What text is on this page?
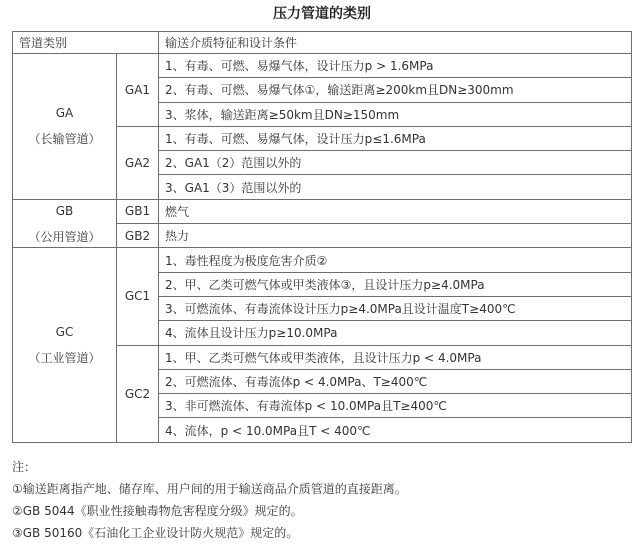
压力管道的类别
管道类别		输送介质特征和设计条件

GA
（长输管道）	GA1	1、有毒、可燃、易爆气体，设计压力p > 1.6MPa
		2、有毒、可燃、易爆气体①，输送距离≥200km且DN≥300mm
		3、浆体，输送距离≥50km且DN≥150mm
	GA2	1、有毒、可燃、易爆气体，设计压力p≤1.6MPa
		2、GA1（2）范围以外的
		3、GA1（3）范围以外的

GB
（公用管道）	GB1	燃气
	GB2	热力

GC
（工业管道）	GC1	1、毒性程度为极度危害介质②
		2、甲、乙类可燃气体或甲类液体③，且设计压力p≥4.0MPa
		3、可燃流体、有毒流体设计压力p≥4.0MPa且设计温度T≥400℃
		4、流体且设计压力p≥10.0MPa
	GC2	1、甲、乙类可燃气体或甲类液体，且设计压力p < 4.0MPa
		2、可燃流体、有毒流体p < 4.0MPa、T≥400℃
		3、非可燃流体、有毒流体p < 10.0MPa且T≥400℃
		4、流体，p < 10.0MPa且T < 400℃
注：
①输送距离指产地、储存库、用户间的用于输送商品介质管道的直接距离。
②GB 5044《职业性接触毒物危害程度分级》规定的。
③GB 50160《石油化工企业设计防火规范》规定的。
